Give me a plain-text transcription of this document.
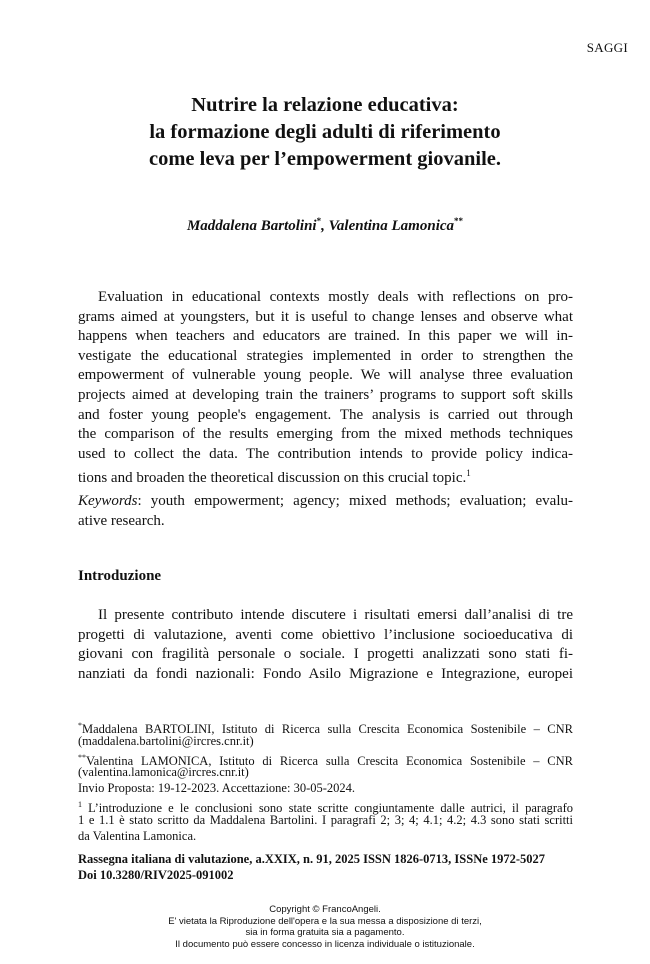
SAGGI
Nutrire la relazione educativa:
la formazione degli adulti di riferimento
come leva per l’empowerment giovanile.
Maddalena Bartolini*, Valentina Lamonica**
Evaluation in educational contexts mostly deals with reflections on pro-
grams aimed at youngsters, but it is useful to change lenses and observe what
happens when teachers and educators are trained. In this paper we will in-
vestigate the educational strategies implemented in order to strengthen the
empowerment of vulnerable young people. We will analyse three evaluation
projects aimed at developing train the trainers’ programs to support soft skills
and foster young people's engagement. The analysis is carried out through
the comparison of the results emerging from the mixed methods techniques
used to collect the data. The contribution intends to provide policy indica-
tions and broaden the theoretical discussion on this crucial topic.$^1$
Keywords: youth empowerment; agency; mixed methods; evaluation; evalu-
ative research.
Introduzione
Il presente contributo intende discutere i risultati emersi dall’analisi di tre
progetti di valutazione, aventi come obiettivo l’inclusione socioeducativa di
giovani con fragilità personale o sociale. I progetti analizzati sono stati fi-
nanziati da fondi nazionali: Fondo Asilo Migrazione e Integrazione, europei
*Maddalena BARTOLINI, Istituto di Ricerca sulla Crescita Economica Sostenibile – CNR
(maddalena.bartolini@ircres.cnr.it)
**Valentina LAMONICA, Istituto di Ricerca sulla Crescita Economica Sostenibile – CNR
(valentina.lamonica@ircres.cnr.it)
Invio Proposta: 19-12-2023. Accettazione: 30-05-2024.
$^1$ L’introduzione e le conclusioni sono state scritte congiuntamente dalle autrici, il paragrafo
1 e 1.1 è stato scritto da Maddalena Bartolini. I paragrafi 2; 3; 4; 4.1; 4.2; 4.3 sono stati scritti
da Valentina Lamonica.
Rassegna italiana di valutazione, a.XXIX, n. 91, 2025 ISSN 1826-0713, ISSNe 1972-5027
Doi 10.3280/RIV2025-091002
Copyright © FrancoAngeli.
E' vietata la Riproduzione dell'opera e la sua messa a disposizione di terzi,
sia in forma gratuita sia a pagamento.
Il documento può essere concesso in licenza individuale o istituzionale.
